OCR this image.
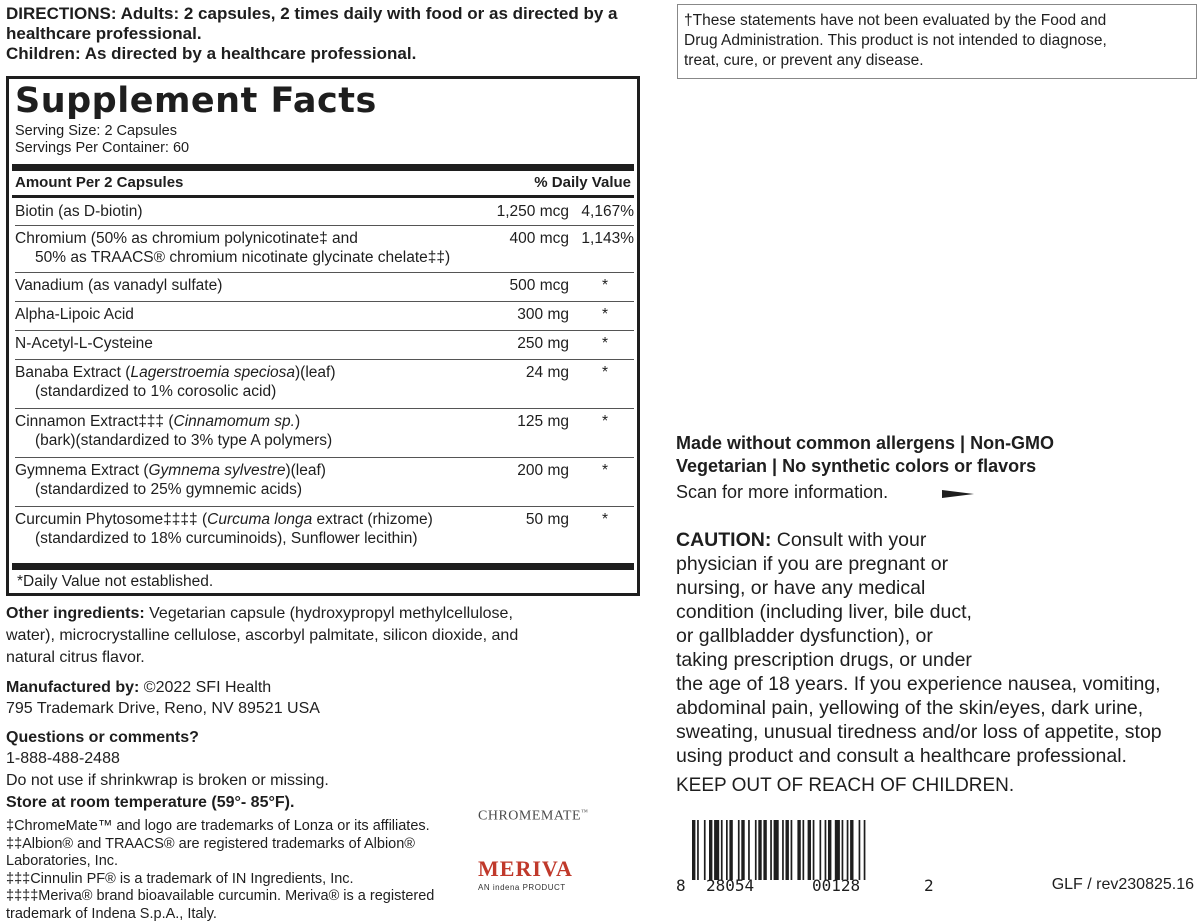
DIRECTIONS: Adults: 2 capsules, 2 times daily with food or as directed by a
healthcare professional.
Children: As directed by a healthcare professional.
Supplement Facts
Serving Size: 2 Capsules
Servings Per Container: 60
Amount Per 2 Capsules	% Daily Value
Biotin (as D-biotin)	1,250 mcg 4,167%
Chromium (50% as chromium polynicotinate‡ and
50% as TRAACS® chromium nicotinate glycinate chelate‡‡)
400 mcg 1,143%
Vanadium (as vanadyl sulfate)	500 mcg *
Alpha-Lipoic Acid	300 mg *
N-Acetyl-L-Cysteine	250 mg *
Banaba Extract (Lagerstroemia speciosa)(leaf)
(standardized to 1% corosolic acid)
24 mg *
Cinnamon Extract‡‡‡ (Cinnamomum sp.)
(bark)(standardized to 3% type A polymers)
125 mg *
Gymnema Extract (Gymnema sylvestre)(leaf)
(standardized to 25% gymnemic acids)
200 mg *
Curcumin Phytosome‡‡‡‡ (Curcuma longa extract (rhizome)
(standardized to 18% curcuminoids), Sunflower lecithin)
50 mg *
*Daily Value not established.
Other ingredients: Vegetarian capsule (hydroxypropyl methylcellulose,
water), microcrystalline cellulose, ascorbyl palmitate, silicon dioxide, and
natural citrus flavor.
Manufactured by: ©2022 SFI Health
795 Trademark Drive, Reno, NV 89521 USA
Questions or comments?
1-888-488-2488
Do not use if shrinkwrap is broken or missing.
Store at room temperature (59°- 85°F).
‡ChromeMate™ and logo are trademarks of Lonza or its affiliates.
‡‡Albion® and TRAACS® are registered trademarks of Albion® Laboratories, Inc.
‡‡‡Cinnulin PF® is a trademark of IN Ingredients, Inc.
‡‡‡‡Meriva® brand bioavailable curcumin. Meriva® is a registered
trademark of Indena S.p.A., Italy.
CHROMEMATE™
MERIVA
AN indena PRODUCT
†These statements have not been evaluated by the Food and
Drug Administration. This product is not intended to diagnose,
treat, cure, or prevent any disease.
Made without common allergens | Non-GMO
Vegetarian | No synthetic colors or flavors
Scan for more information.
CAUTION: Consult with your
physician if you are pregnant or
nursing, or have any medical
condition (including liver, bile duct,
or gallbladder dysfunction), or
taking prescription drugs, or under
the age of 18 years. If you experience nausea, vomiting,
abdominal pain, yellowing of the skin/eyes, dark urine,
sweating, unusual tiredness and/or loss of appetite, stop
using product and consult a healthcare professional.
KEEP OUT OF REACH OF CHILDREN.
8 28054	00128	2	GLF / rev230825.16
